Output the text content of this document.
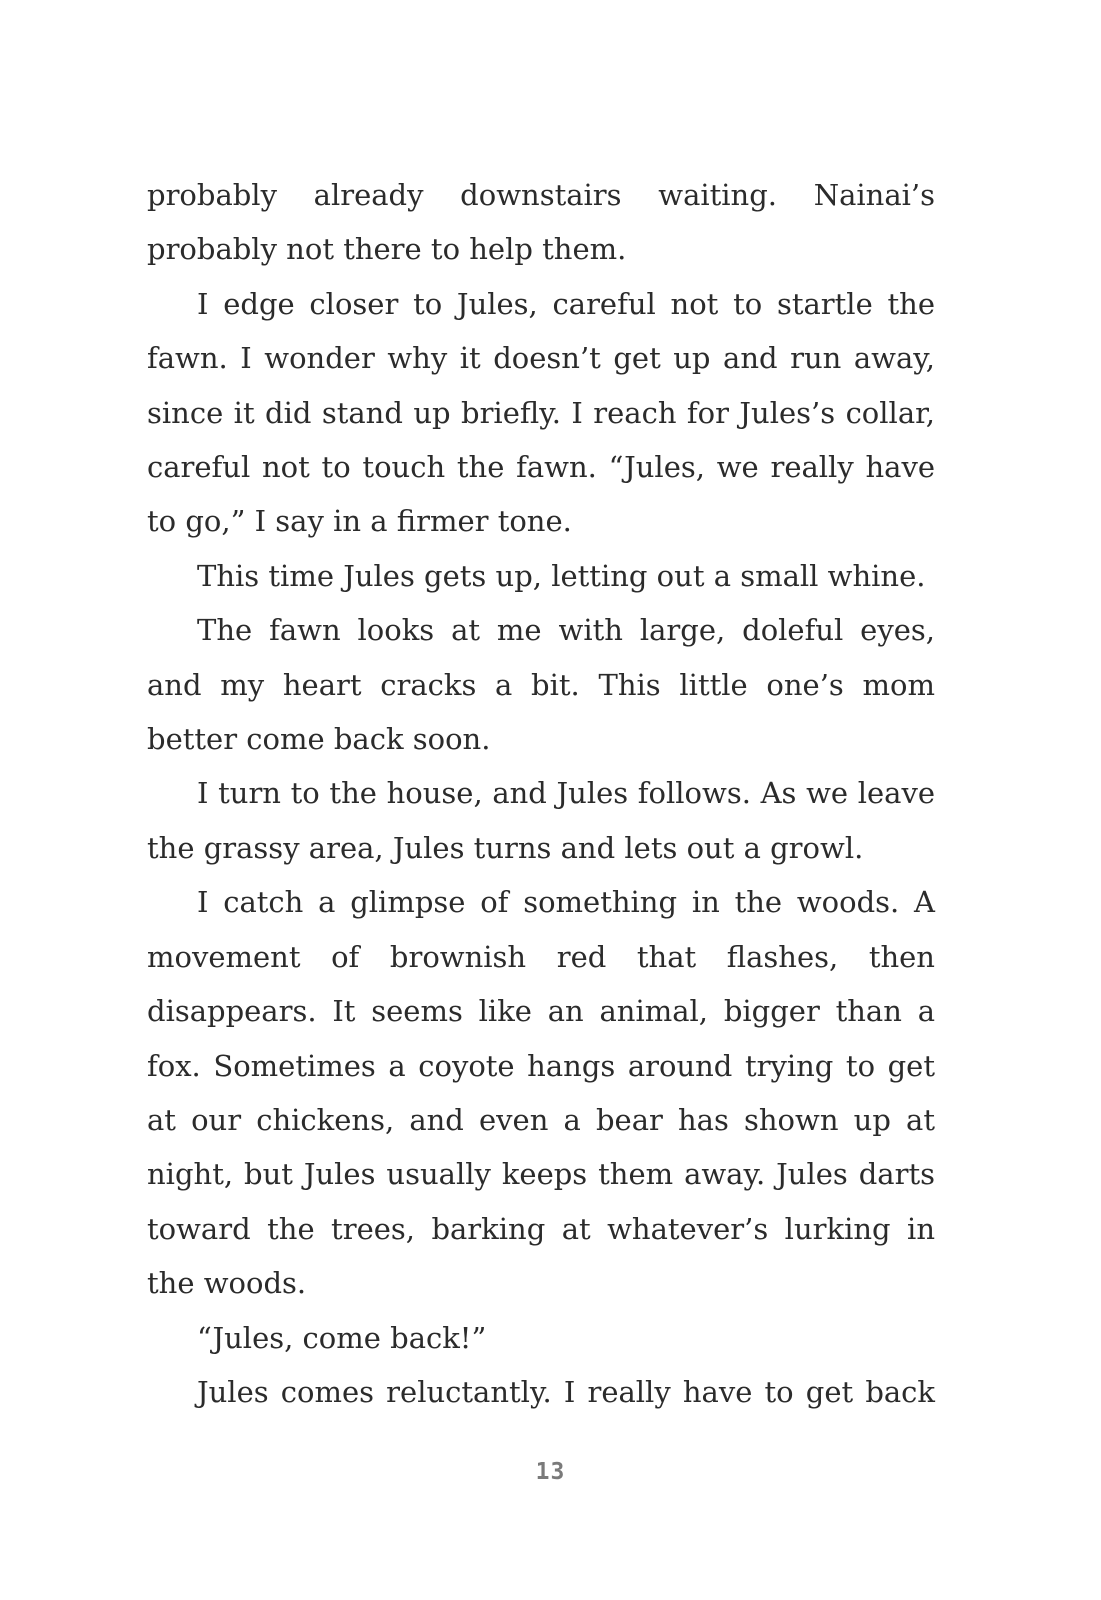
probably already downstairs waiting. Nainai’s probably not there to help them.

I edge closer to Jules, careful not to startle the fawn. I wonder why it doesn’t get up and run away, since it did stand up briefly. I reach for Jules’s collar, careful not to touch the fawn. “Jules, we really have to go,” I say in a firmer tone.

This time Jules gets up, letting out a small whine.

The fawn looks at me with large, doleful eyes, and my heart cracks a bit. This little one’s mom better come back soon.

I turn to the house, and Jules follows. As we leave the grassy area, Jules turns and lets out a growl.

I catch a glimpse of something in the woods. A movement of brownish red that flashes, then disappears. It seems like an animal, bigger than a fox. Sometimes a coyote hangs around trying to get at our chickens, and even a bear has shown up at night, but Jules usually keeps them away. Jules darts toward the trees, barking at whatever’s lurking in the woods.

“Jules, come back!”

Jules comes reluctantly. I really have to get back

13
